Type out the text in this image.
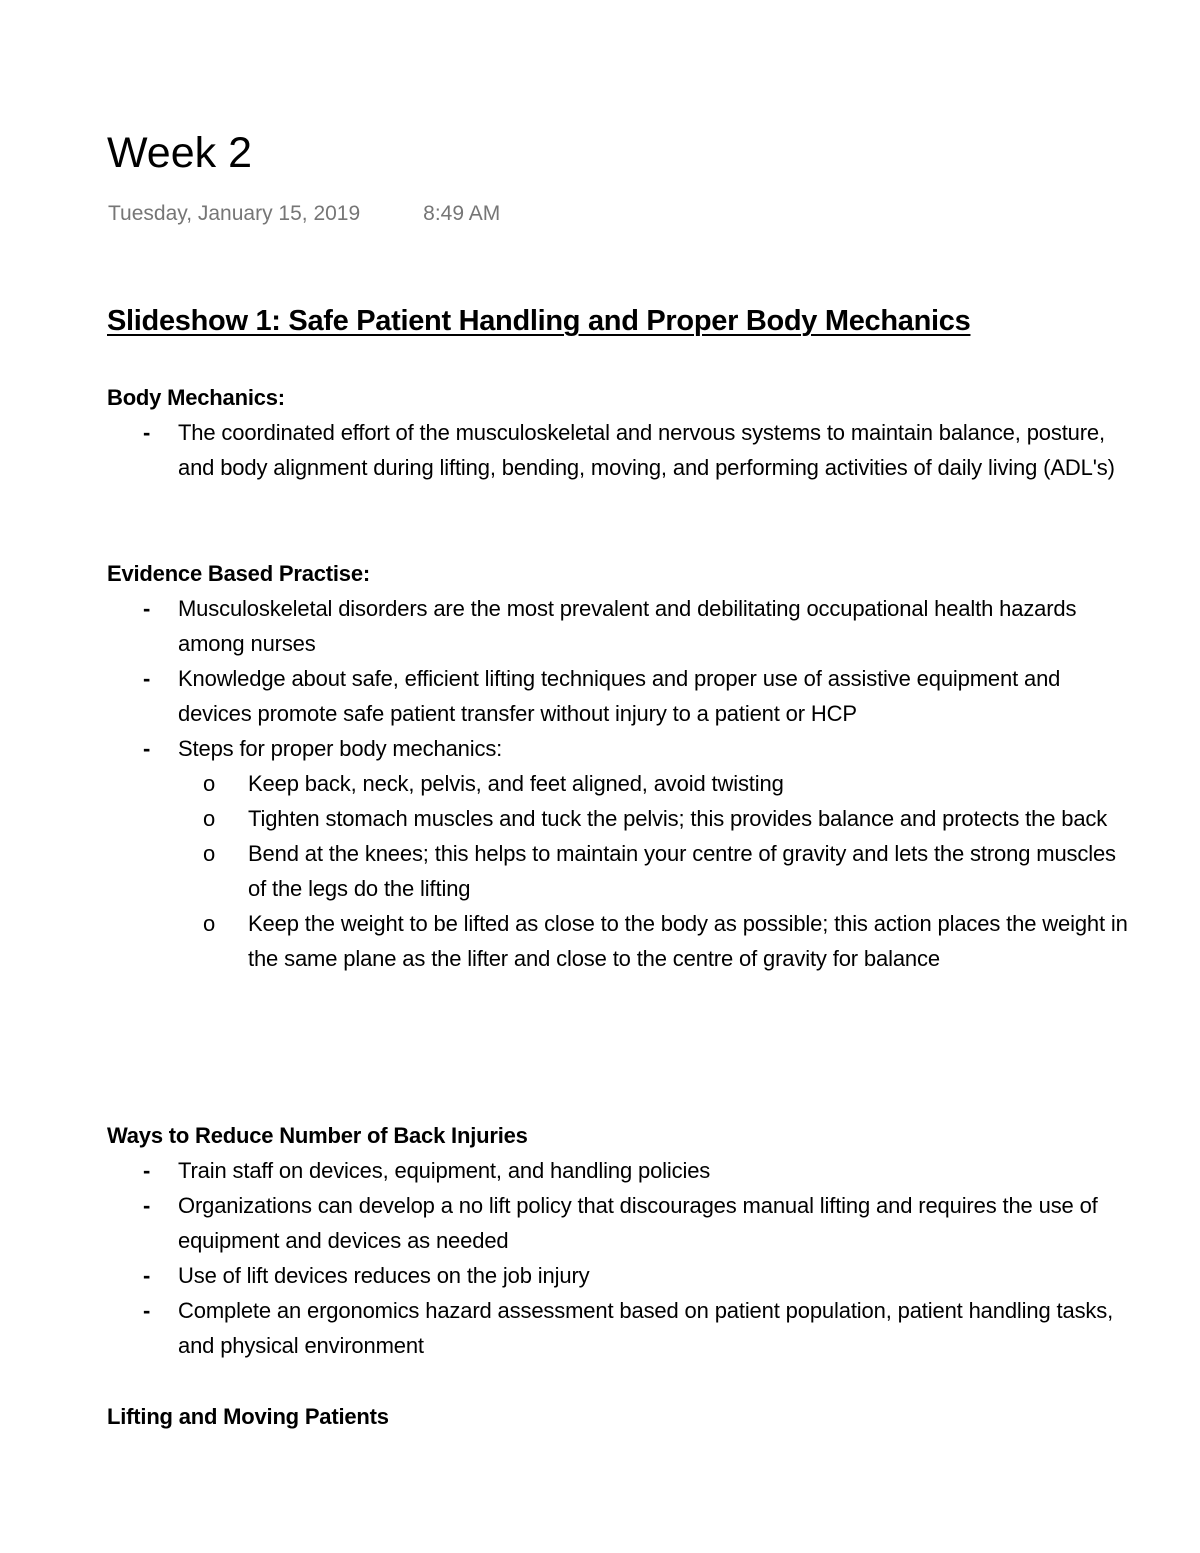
Week 2
Tuesday, January 15, 2019	8:49 AM
Slideshow 1: Safe Patient Handling and Proper Body Mechanics
Body Mechanics:
- The coordinated effort of the musculoskeletal and nervous systems to maintain balance, posture, and body alignment during lifting, bending, moving, and performing activities of daily living (ADL's)
Evidence Based Practise:
- Musculoskeletal disorders are the most prevalent and debilitating occupational health hazards among nurses
- Knowledge about safe, efficient lifting techniques and proper use of assistive equipment and devices promote safe patient transfer without injury to a patient or HCP
- Steps for proper body mechanics:
o Keep back, neck, pelvis, and feet aligned, avoid twisting
o Tighten stomach muscles and tuck the pelvis; this provides balance and protects the back
o Bend at the knees; this helps to maintain your centre of gravity and lets the strong muscles of the legs do the lifting
o Keep the weight to be lifted as close to the body as possible; this action places the weight in the same plane as the lifter and close to the centre of gravity for balance
Ways to Reduce Number of Back Injuries
- Train staff on devices, equipment, and handling policies
- Organizations can develop a no lift policy that discourages manual lifting and requires the use of equipment and devices as needed
- Use of lift devices reduces on the job injury
- Complete an ergonomics hazard assessment based on patient population, patient handling tasks, and physical environment
Lifting and Moving Patients
